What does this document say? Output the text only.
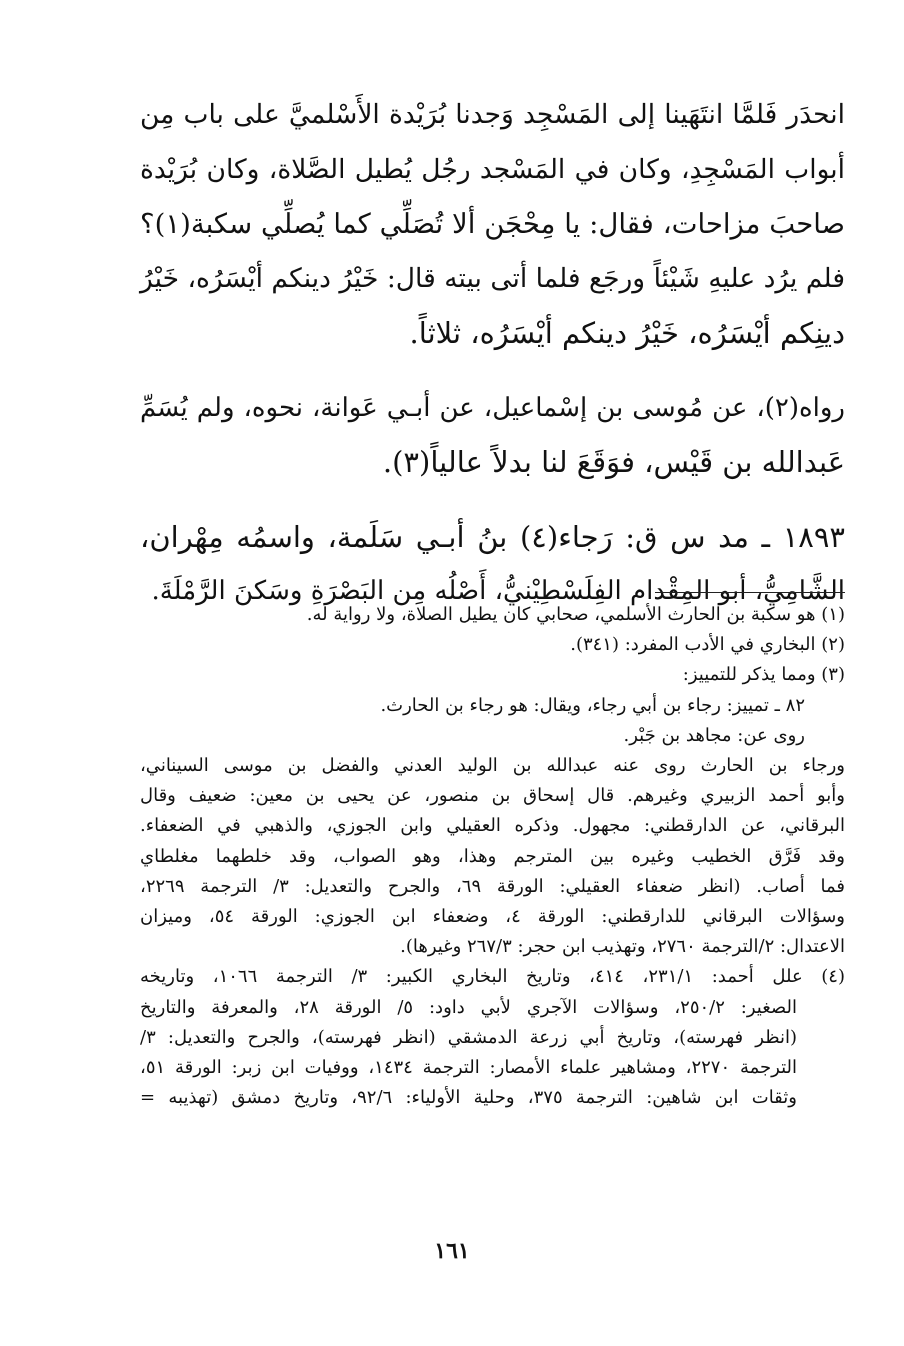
انحدَر فَلمَّا انتَهَينا إلى المَسْجِد وَجدنا بُرَيْدة الأَسْلميَّ على باب مِن
أبواب المَسْجِدِ، وكان في المَسْجد رجُل يُطيل الصَّلاة، وكان بُرَيْدة
صاحبَ مزاحات، فقال: يا مِحْجَن ألا تُصَلِّي كما يُصلِّي سكبة(١)؟
فلم يرُد عليهِ شَيْئاً ورجَع فلما أتى بيته قال: خَيْرُ دينكم أيْسَرُه، خَيْرُ
دينِكم أيْسَرُه، خَيْرُ دينكم أيْسَرُه، ثلاثاً.
رواه(٢)، عن مُوسى بن إسْماعيل، عن أبـي عَوانة، نحوه، ولم يُسَمِّ
عَبدالله بن قَيْس، فوَقَعَ لنا بدلاً عالياً(٣).
١٨٩٣ ـ مد س ق: رَجاء(٤) بنُ أبـي سَلَمة، واسمُه مِهْران،
الشَّامِيُّ، أبو المِقْدام الفِلَسْطِيْنيُّ، أَصْلُه مِن البَصْرَةِ وسَكنَ الرَّمْلَةَ.
(١) هو سكبة بن الحارث الأسلمي، صحابي كان يطيل الصلاة، ولا رواية له.
(٢) البخاري في الأدب المفرد: (٣٤١).
(٣) ومما يذكر للتمييز:
٨٢ ـ تمييز: رجاء بن أبي رجاء، ويقال: هو رجاء بن الحارث.
روى عن: مجاهد بن جَبْر.
ورجاء بن الحارث روى عنه عبدالله بن الوليد العدني والفضل بن موسى السيناني،
وأبو أحمد الزبيري وغيرهم. قال إسحاق بن منصور، عن يحيى بن معين: ضعيف وقال
البرقاني، عن الدارقطني: مجهول. وذكره العقيلي وابن الجوزي، والذهبي في الضعفاء.
وقد فَرَّق الخطيب وغيره بين المترجم وهذا، وهو الصواب، وقد خلطهما مغلطاي
فما أصاب. (انظر ضعفاء العقيلي: الورقة ٦٩، والجرح والتعديل: ٣/ الترجمة ٢٢٦٩،
وسؤالات البرقاني للدارقطني: الورقة ٤، وضعفاء ابن الجوزي: الورقة ٥٤، وميزان
الاعتدال: ٢/الترجمة ٢٧٦٠، وتهذيب ابن حجر: ٢٦٧/٣ وغيرها).
(٤) علل أحمد: ٢٣١/١، ٤١٤، وتاريخ البخاري الكبير: ٣/ الترجمة ١٠٦٦، وتاريخه
الصغير: ٢٥٠/٢، وسؤالات الآجري لأبي داود: ٥/ الورقة ٢٨، والمعرفة والتاريخ
(انظر فهرسته)، وتاريخ أبي زرعة الدمشقي (انظر فهرسته)، والجرح والتعديل: ٣/
الترجمة ٢٢٧٠، ومشاهير علماء الأمصار: الترجمة ١٤٣٤، ووفيات ابن زبر: الورقة ٥١،
وثقات ابن شاهين: الترجمة ٣٧٥، وحلية الأولياء: ٩٢/٦، وتاريخ دمشق (تهذيبه =
١٦١
